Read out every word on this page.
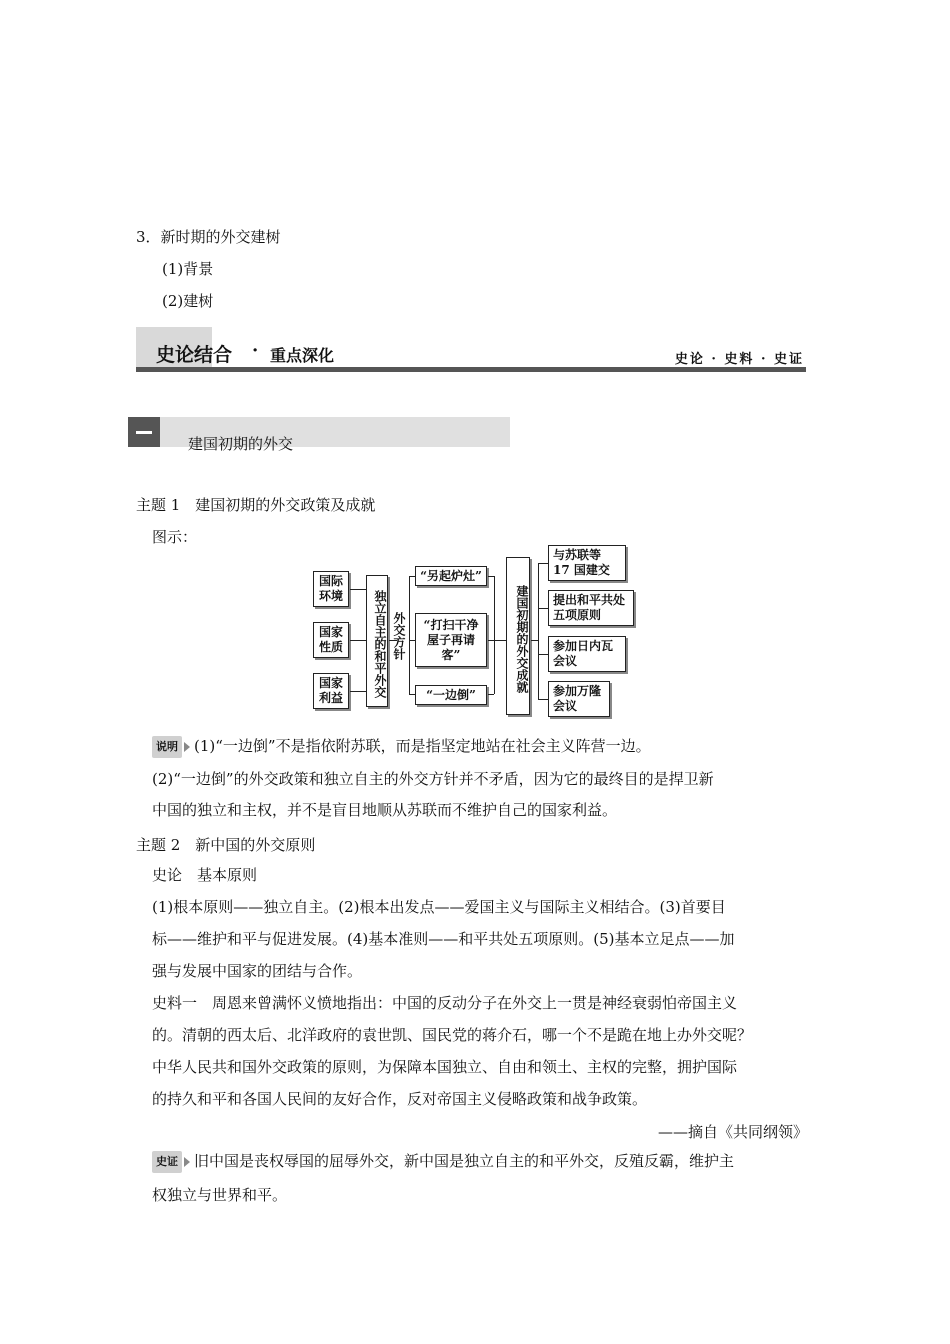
3．新时期的外交建树
(1)背景
(2)建树
史论结合 · 重点深化	史论 · 史料 · 史证
建国初期的外交
主题 1　建国初期的外交政策及成就
图示：
国际环境
国家性质
国家利益	独立自主的和平外交 外交方针
“另起炉灶”
“打扫干净屋子再请客”
“一边倒”
建国初期的外交成就
与苏联等 17 国建交
提出和平共处五项原则
参加日内瓦会议
参加万隆会议
说明 (1)“一边倒”不是指依附苏联，而是指坚定地站在社会主义阵营一边。
(2)“一边倒”的外交政策和独立自主的外交方针并不矛盾，因为它的最终目的是捍卫新
中国的独立和主权，并不是盲目地顺从苏联而不维护自己的国家利益。
主题 2　新中国的外交原则
史论　基本原则
(1)根本原则——独立自主。(2)根本出发点——爱国主义与国际主义相结合。(3)首要目
标——维护和平与促进发展。(4)基本准则——和平共处五项原则。(5)基本立足点——加
强与发展中国家的团结与合作。
史料一　周恩来曾满怀义愤地指出：中国的反动分子在外交上一贯是神经衰弱怕帝国主义
的。清朝的西太后、北洋政府的袁世凯、国民党的蒋介石，哪一个不是跪在地上办外交呢？
中华人民共和国外交政策的原则，为保障本国独立、自由和领土、主权的完整，拥护国际
的持久和平和各国人民间的友好合作，反对帝国主义侵略政策和战争政策。
——摘自《共同纲领》
史证 旧中国是丧权辱国的屈辱外交，新中国是独立自主的和平外交，反殖反霸，维护主
权独立与世界和平。
